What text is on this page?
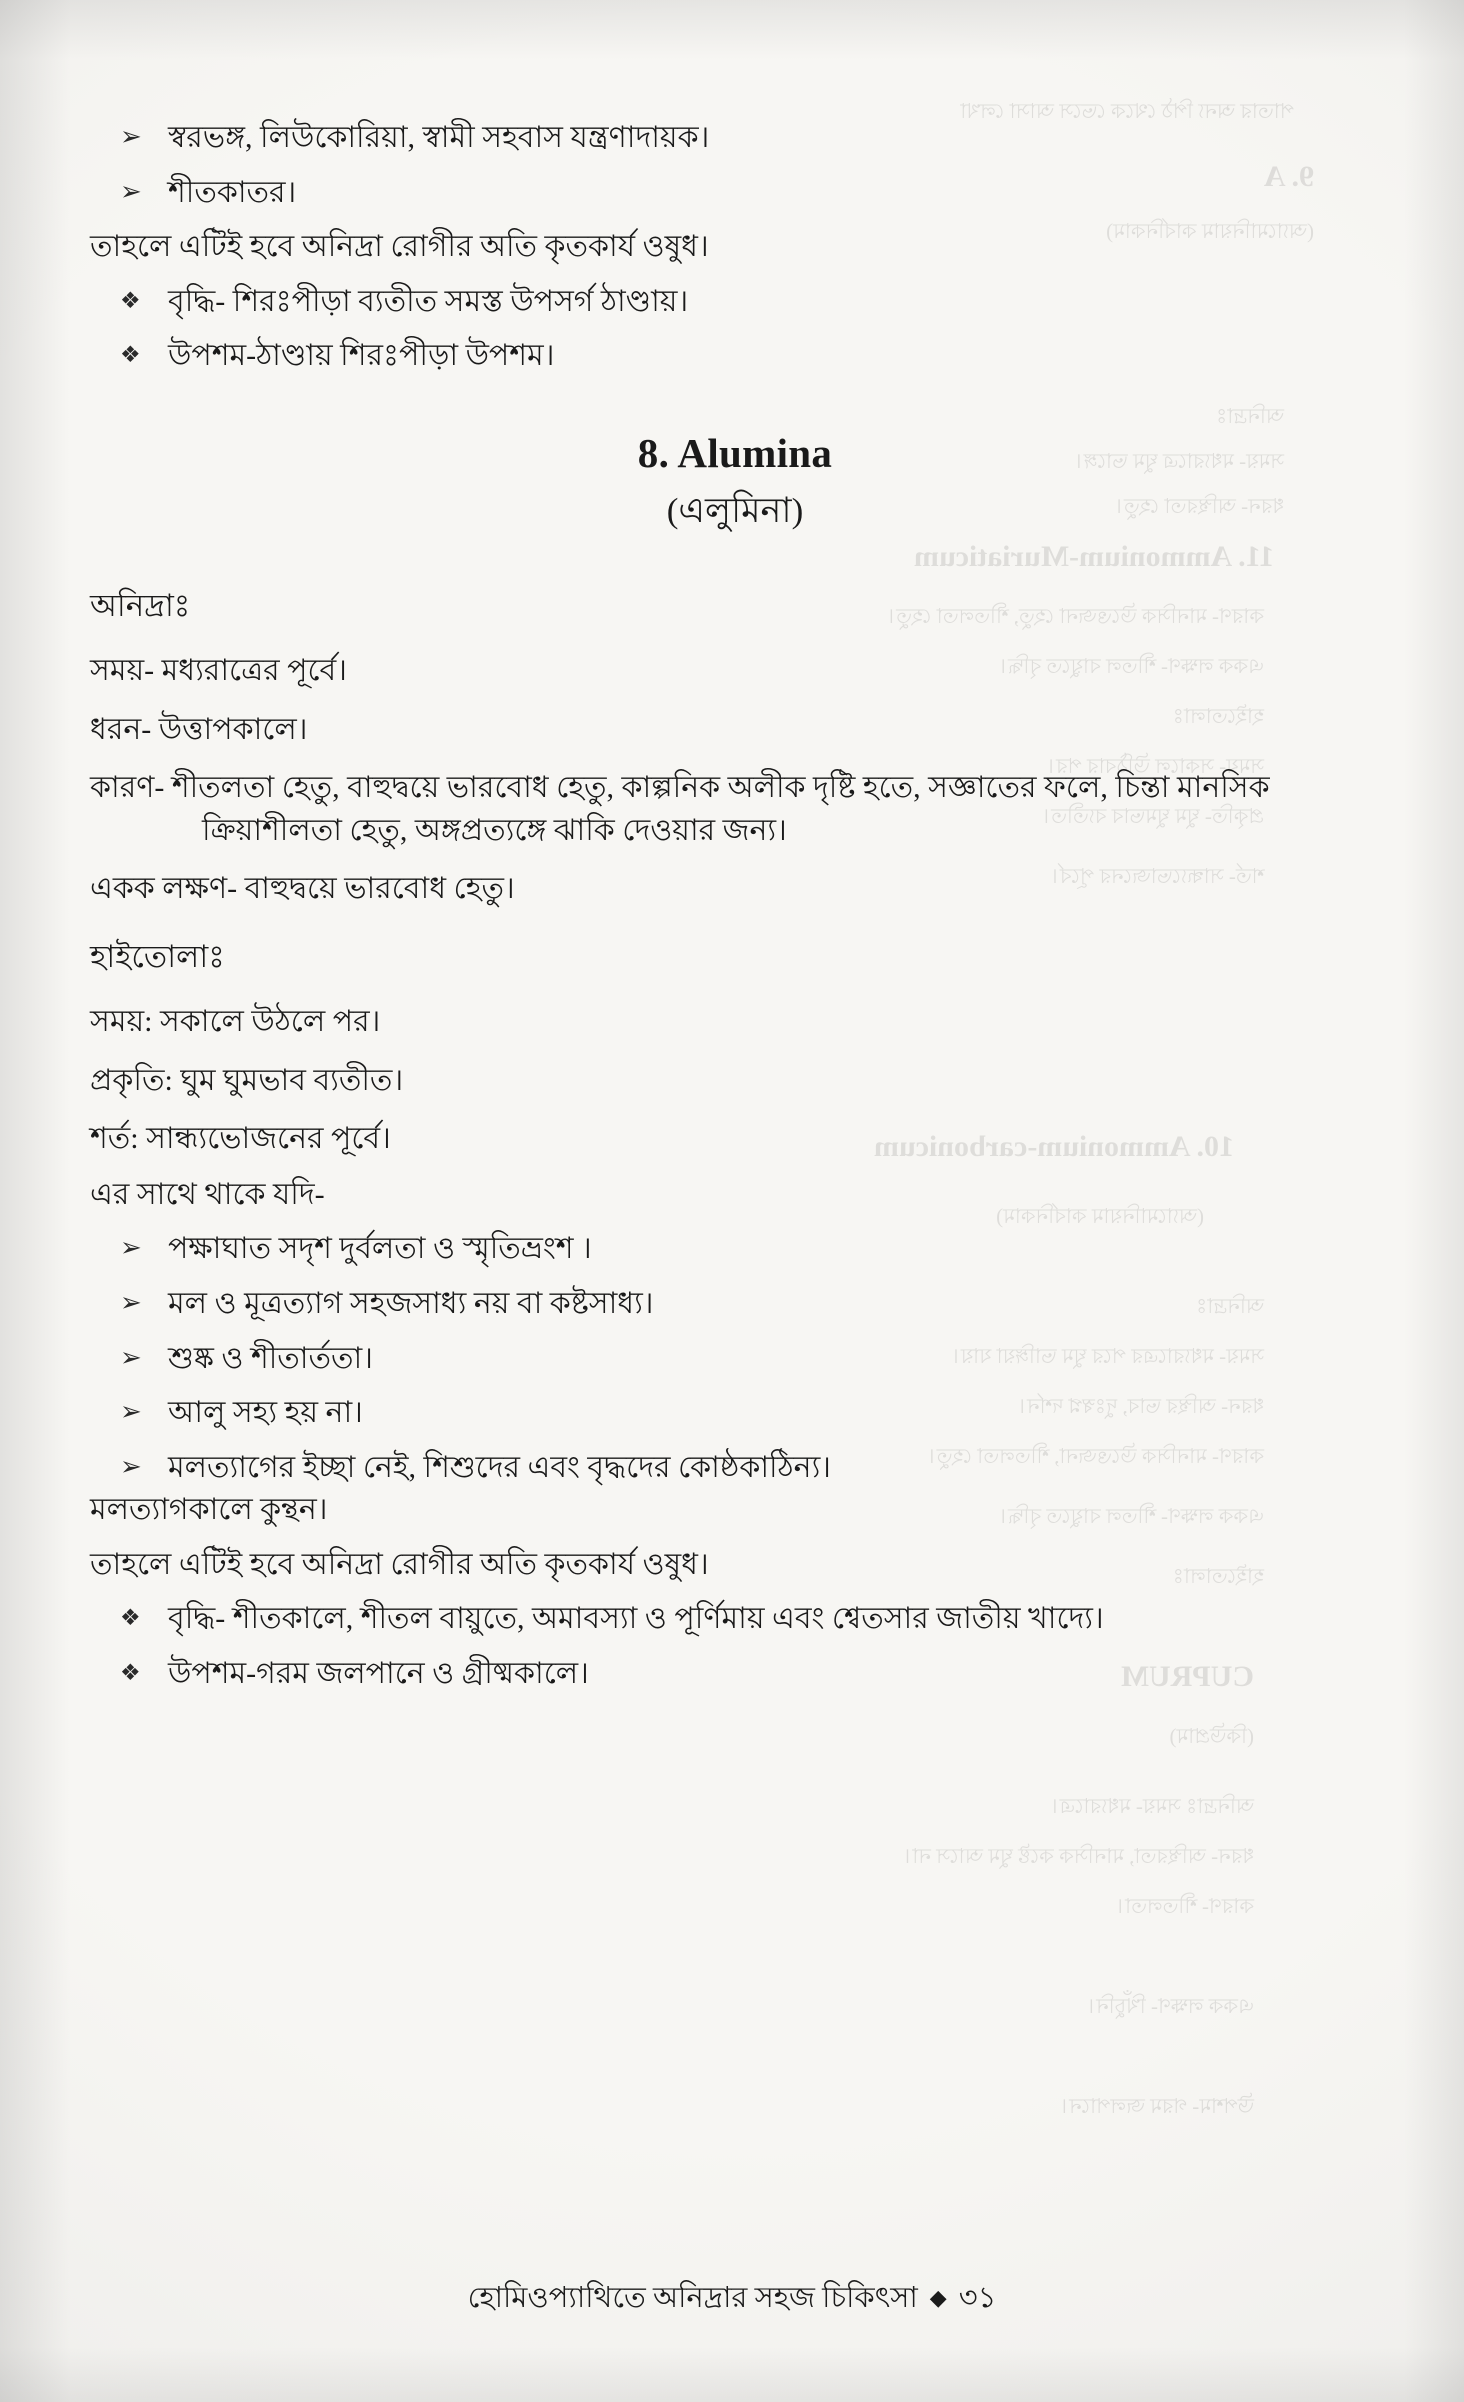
পাতার অন্য পিঠ থেকে ভেসে আসা লেখা
9. A
(অ্যামোনিয়াম কার্বনিকাম)
অনিদ্রাঃ
সময়- মধ্যরাত্রে ঘুম ভাঙ্গে।
ধরন- অস্থিরতা হেতু।
11. Ammonium-Muriaticum
কারণ- মানসিক উত্তেজনা হেতু, শীতলতা হেতু।
একক লক্ষণ- শীতল বায়ুতে বৃদ্ধি।
হাইতোলাঃ
সময়- সকালে উঠিবার পর।
প্রকৃতি- ঘুম ঘুমভাব ব্যতীত।
শর্ত- সান্ধ্যভোজনের পূর্বে।
10. Ammonium-carbonicum
(অ্যামোনিয়াম কার্বনিকাম)
অনিদ্রাঃ
সময়- মধ্যরাত্রের পরে ঘুম ভাঙ্গিয়া যায়।
ধরন- অস্থির ভাব, দুঃস্বপ্ন দর্শন।
কারণ- মানসিক উত্তেজনা, শীতলতা হেতু।
একক লক্ষণ- শীতল বায়ুতে বৃদ্ধি।
হাইতোলাঃ
CUPRUM
(কিউপ্রাম)
অনিদ্রাঃ সময়- মধ্যরাত্রে।
ধরন- অস্থিরতা, মানসিক কষ্টে ঘুম আসে না।
কারণ- শীতলতা।
একক লক্ষণ- খিঁচুনি।
উপশম- গরম জলপানে।
➢ স্বরভঙ্গ, লিউকোরিয়া, স্বামী সহবাস যন্ত্রণাদায়ক।
➢ শীতকাতর।
তাহলে এটিই হবে অনিদ্রা রোগীর অতি কৃতকার্য ওষুধ।
❖ বৃদ্ধি- শিরঃপীড়া ব্যতীত সমস্ত উপসর্গ ঠাণ্ডায়।
❖ উপশম-ঠাণ্ডায় শিরঃপীড়া উপশম।
8. Alumina
(এলুমিনা)
অনিদ্রাঃ
সময়- মধ্যরাত্রের পূর্বে।
ধরন- উত্তাপকালে।
কারণ- শীতলতা হেতু, বাহুদ্বয়ে ভারবোধ হেতু, কাল্পনিক অলীক দৃষ্টি হতে, সজ্ঞাতের ফলে, চিন্তা মানসিক ক্রিয়াশীলতা হেতু, অঙ্গপ্রত্যঙ্গে ঝাকি দেওয়ার জন্য।
একক লক্ষণ- বাহুদ্বয়ে ভারবোধ হেতু।
হাইতোলাঃ
সময়: সকালে উঠলে পর।
প্রকৃতি: ঘুম ঘুমভাব ব্যতীত।
শর্ত: সান্ধ্যভোজনের পূর্বে।
এর সাথে থাকে যদি-
➢ পক্ষাঘাত সদৃশ দুর্বলতা ও স্মৃতিভ্রংশ ।
➢ মল ও মূত্রত্যাগ সহজসাধ্য নয় বা কষ্টসাধ্য।
➢ শুষ্ক ও শীতার্ততা।
➢ আলু সহ্য হয় না।
➢ মলত্যাগের ইচ্ছা নেই, শিশুদের এবং বৃদ্ধদের কোষ্ঠকাঠিন্য।
মলত্যাগকালে কুন্থন।
তাহলে এটিই হবে অনিদ্রা রোগীর অতি কৃতকার্য ওষুধ।
❖ বৃদ্ধি- শীতকালে, শীতল বায়ুতে, অমাবস্যা ও পূর্ণিমায় এবং শ্বেতসার জাতীয় খাদ্যে।
❖ উপশম-গরম জলপানে ও গ্রীষ্মকালে।
হোমিওপ্যাথিতে অনিদ্রার সহজ চিকিৎসা ◆ ৩১
